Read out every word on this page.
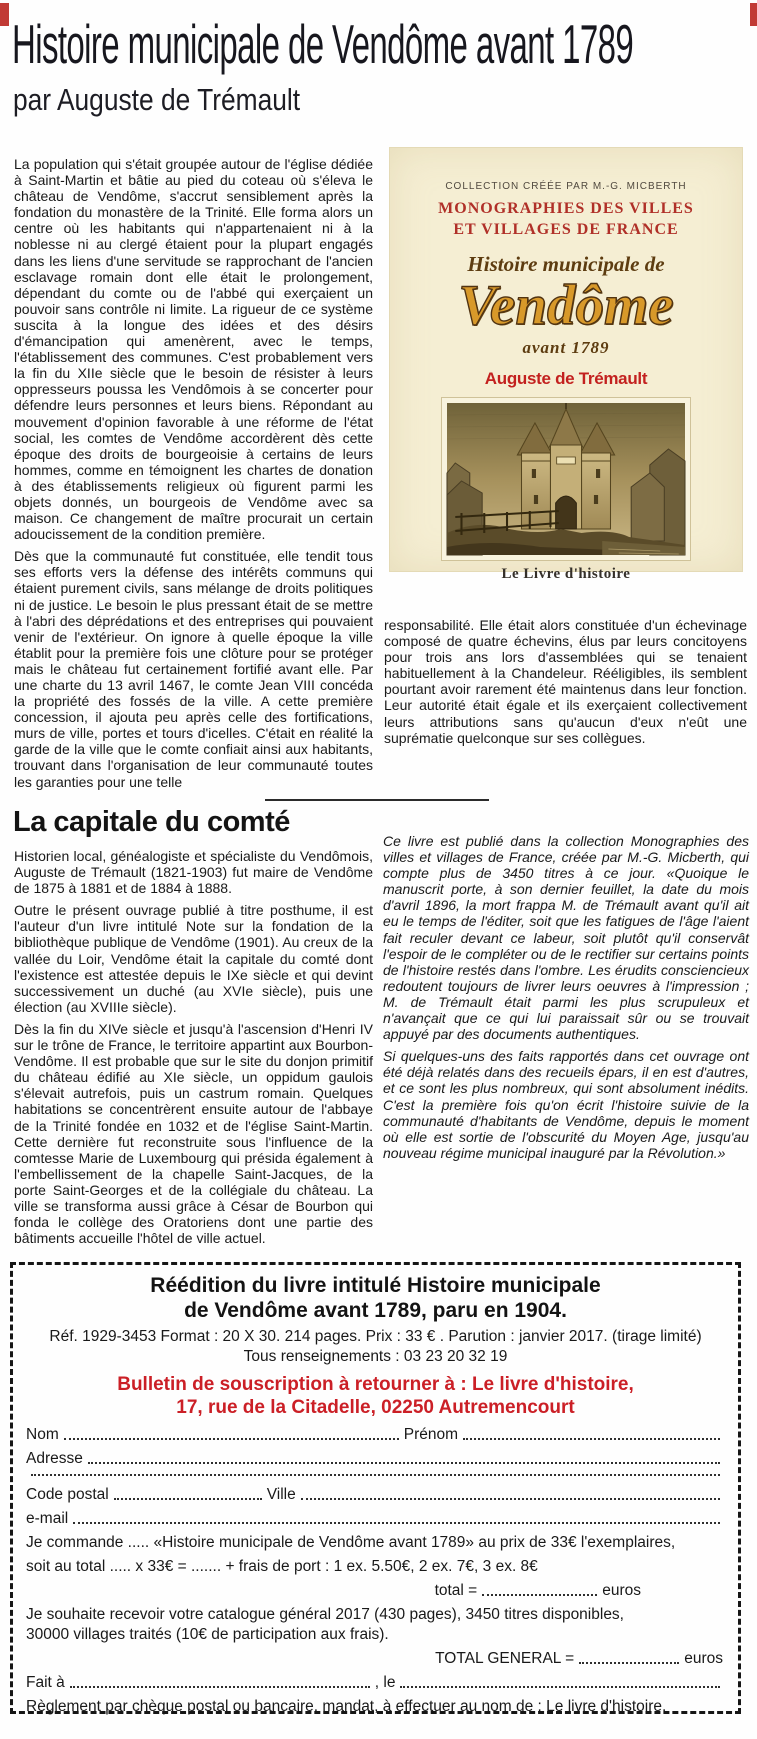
Histoire municipale de Vendôme avant 1789
par Auguste de Trémault

La population qui s'était groupée autour de l'église dédiée à Saint-Martin et bâtie au pied du coteau où s'éleva le château de Vendôme, s'accrut sensiblement après la fondation du monastère de la Trinité. Elle forma alors un centre où les habitants qui n'appartenaient ni à la noblesse ni au clergé étaient pour la plupart engagés dans les liens d'une servitude se rapprochant de l'ancien esclavage romain dont elle était le prolongement, dépendant du comte ou de l'abbé qui exerçaient un pouvoir sans contrôle ni limite. La rigueur de ce système suscita à la longue des idées et des désirs d'émancipation qui amenèrent, avec le temps, l'établissement des communes. C'est probablement vers la fin du XIIe siècle que le besoin de résister à leurs oppresseurs poussa les Vendômois à se concerter pour défendre leurs personnes et leurs biens. Répondant au mouvement d'opinion favorable à une réforme de l'état social, les comtes de Vendôme accordèrent dès cette époque des droits de bourgeoisie à certains de leurs hommes, comme en témoignent les chartes de donation à des établissements religieux où figurent parmi les objets donnés, un bourgeois de Vendôme avec sa maison. Ce changement de maître procurait un certain adoucissement de la condition première.

Dès que la communauté fut constituée, elle tendit tous ses efforts vers la défense des intérêts communs qui étaient purement civils, sans mélange de droits politiques ni de justice. Le besoin le plus pressant était de se mettre à l'abri des déprédations et des entreprises qui pouvaient venir de l'extérieur. On ignore à quelle époque la ville établit pour la première fois une clôture pour se protéger mais le château fut certainement fortifié avant elle. Par une charte du 13 avril 1467, le comte Jean VIII concéda la propriété des fossés de la ville. A cette première concession, il ajouta peu après celle des fortifications, murs de ville, portes et tours d'icelles. C'était en réalité la garde de la ville que le comte confiait ainsi aux habitants, trouvant dans l'organisation de leur communauté toutes les garanties pour une telle

COLLECTION CRÉÉE PAR M.-G. MICBERTH
MONOGRAPHIES DES VILLES
ET VILLAGES DE FRANCE
Histoire municipale de
Vendôme
avant 1789
Auguste de Trémault
Le Livre d'histoire

responsabilité. Elle était alors constituée d'un échevinage composé de quatre échevins, élus par leurs concitoyens pour trois ans lors d'assemblées qui se tenaient habituellement à la Chandeleur. Rééligibles, ils semblent pourtant avoir rarement été maintenus dans leur fonction. Leur autorité était égale et ils exerçaient collectivement leurs attributions sans qu'aucun d'eux n'eût une suprématie quelconque sur ses collègues.

La capitale du comté

Historien local, généalogiste et spécialiste du Vendômois, Auguste de Trémault (1821-1903) fut maire de Vendôme de 1875 à 1881 et de 1884 à 1888.

Outre le présent ouvrage publié à titre posthume, il est l'auteur d'un livre intitulé Note sur la fondation de la bibliothèque publique de Vendôme (1901). Au creux de la vallée du Loir, Vendôme était la capitale du comté dont l'existence est attestée depuis le IXe siècle et qui devint successivement un duché (au XVIe siècle), puis une élection (au XVIIIe siècle).

Dès la fin du XIVe siècle et jusqu'à l'ascension d'Henri IV sur le trône de France, le territoire appartint aux Bourbon-Vendôme. Il est probable que sur le site du donjon primitif du château édifié au XIe siècle, un oppidum gaulois s'élevait autrefois, puis un castrum romain. Quelques habitations se concentrèrent ensuite autour de l'abbaye de la Trinité fondée en 1032 et de l'église Saint-Martin. Cette dernière fut reconstruite sous l'influence de la comtesse Marie de Luxembourg qui présida également à l'embellissement de la chapelle Saint-Jacques, de la porte Saint-Georges et de la collégiale du château. La ville se transforma aussi grâce à César de Bourbon qui fonda le collège des Oratoriens dont une partie des bâtiments accueille l'hôtel de ville actuel.

Ce livre est publié dans la collection Monographies des villes et villages de France, créée par M.-G. Micberth, qui compte plus de 3450 titres à ce jour. «Quoique le manuscrit porte, à son dernier feuillet, la date du mois d'avril 1896, la mort frappa M. de Trémault avant qu'il ait eu le temps de l'éditer, soit que les fatigues de l'âge l'aient fait reculer devant ce labeur, soit plutôt qu'il conservât l'espoir de le compléter ou de le rectifier sur certains points de l'histoire restés dans l'ombre. Les érudits consciencieux redoutent toujours de livrer leurs oeuvres à l'impression ; M. de Trémault était parmi les plus scrupuleux et n'avançait que ce qui lui paraissait sûr ou se trouvait appuyé par des documents authentiques.

Si quelques-uns des faits rapportés dans cet ouvrage ont été déjà relatés dans des recueils épars, il en est d'autres, et ce sont les plus nombreux, qui sont absolument inédits. C'est la première fois qu'on écrit l'histoire suivie de la communauté d'habitants de Vendôme, depuis le moment où elle est sortie de l'obscurité du Moyen Age, jusqu'au nouveau régime municipal inauguré par la Révolution.»

Réédition du livre intitulé Histoire municipale
de Vendôme avant 1789, paru en 1904.
Réf. 1929-3453 Format : 20 X 30. 214 pages. Prix : 33 € . Parution : janvier 2017. (tirage limité)
Tous renseignements : 03 23 20 32 19
Bulletin de souscription à retourner à : Le livre d'histoire,
17, rue de la Citadelle, 02250 Autremencourt
Nom	Prénom
Adresse
Code postal	Ville
e-mail
Je commande ..... «Histoire municipale de Vendôme avant 1789» au prix de 33€ l'exemplaires,
soit au total ..... x 33€ = ....... + frais de port : 1 ex. 5.50€, 2 ex. 7€, 3 ex. 8€
total =	euros
Je souhaite recevoir votre catalogue général 2017 (430 pages), 3450 titres disponibles,
30000 villages traités (10€ de participation aux frais).
TOTAL GENERAL =	euros
Fait à	, le
Règlement par chèque postal ou bancaire, mandat, à effectuer au nom de : Le livre d'histoire.
